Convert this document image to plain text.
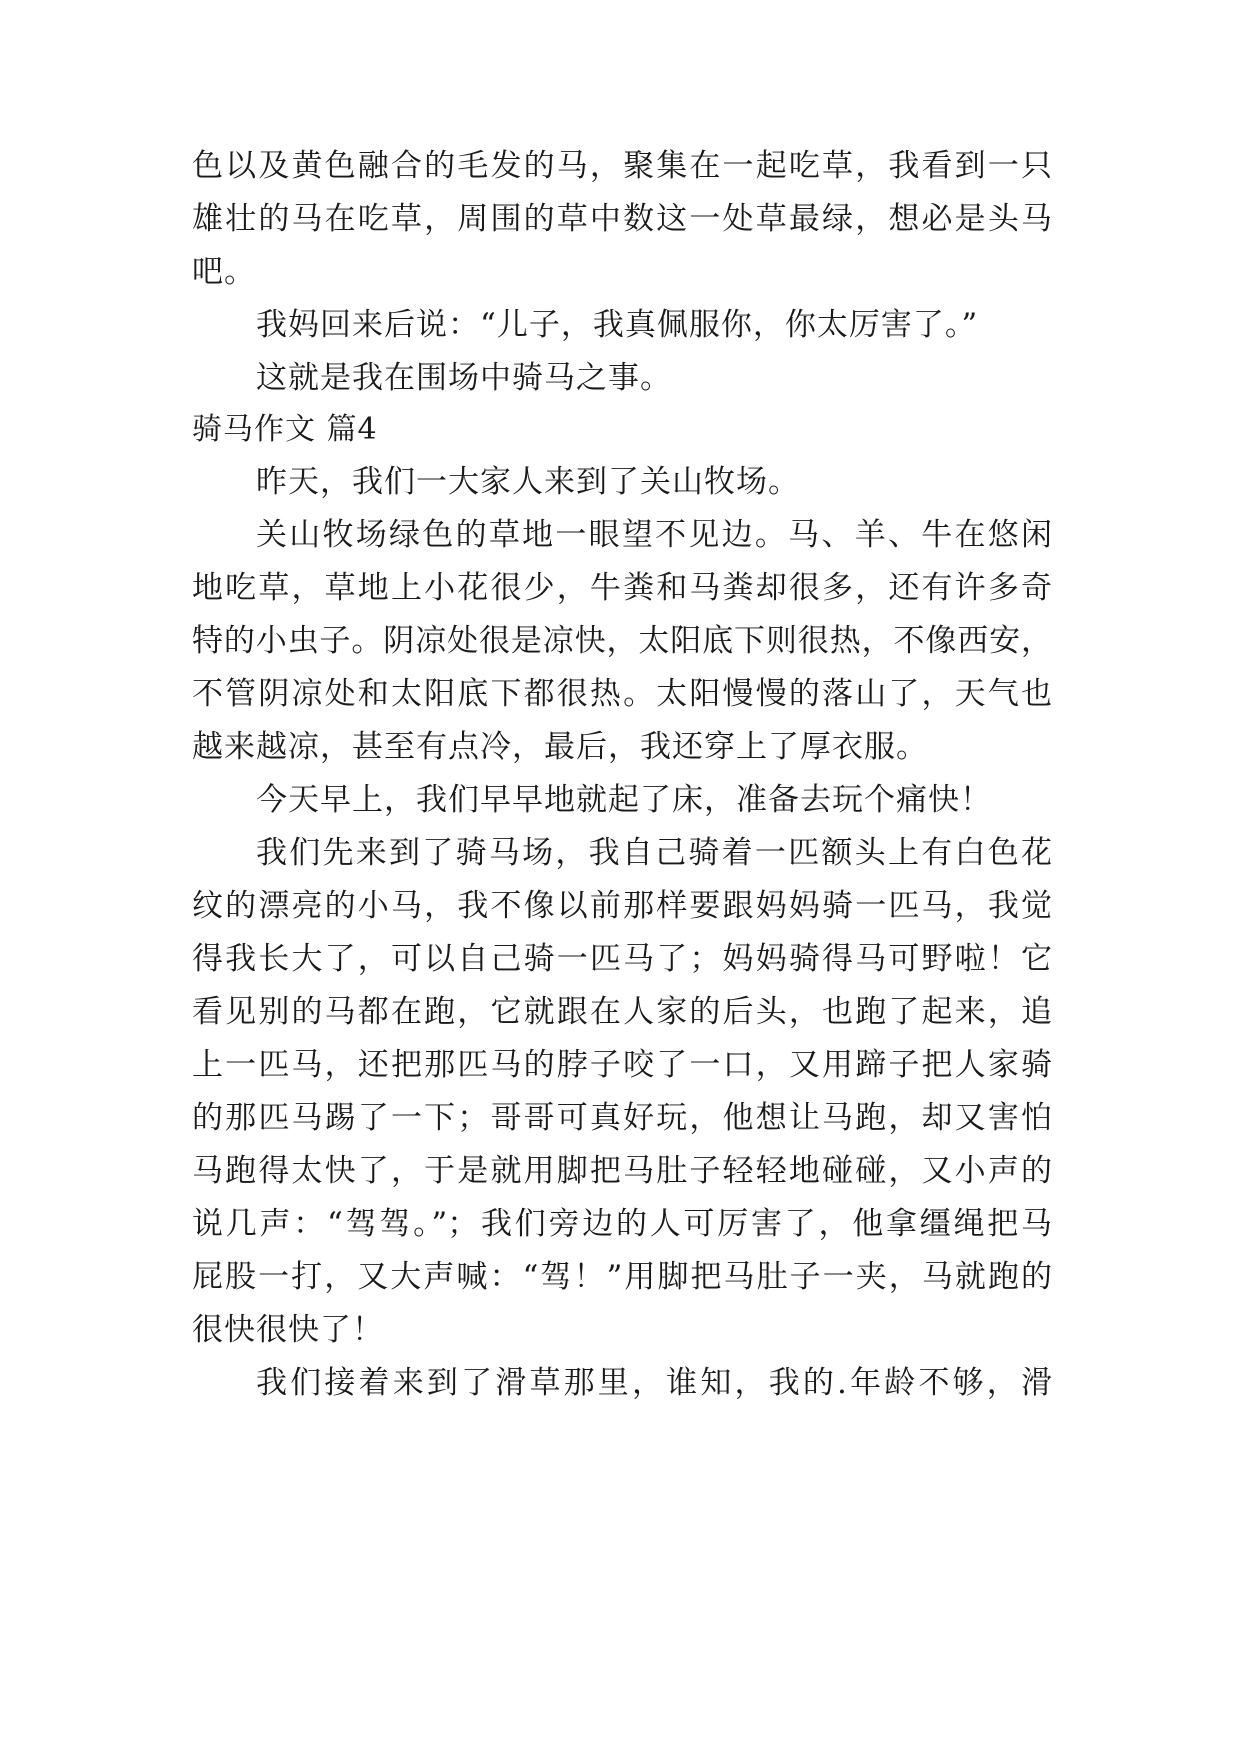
色以及黄色融合的毛发的马，聚集在一起吃草，我看到一只
雄壮的马在吃草，周围的草中数这一处草最绿，想必是头马
吧。
我妈回来后说：“儿子，我真佩服你，你太厉害了。”
这就是我在围场中骑马之事。
骑马作文 篇4
昨天，我们一大家人来到了关山牧场。
关山牧场绿色的草地一眼望不见边。马、羊、牛在悠闲
地吃草，草地上小花很少，牛粪和马粪却很多，还有许多奇
特的小虫子。阴凉处很是凉快，太阳底下则很热，不像西安，
不管阴凉处和太阳底下都很热。太阳慢慢的落山了，天气也
越来越凉，甚至有点冷，最后，我还穿上了厚衣服。
今天早上，我们早早地就起了床，准备去玩个痛快！
我们先来到了骑马场，我自己骑着一匹额头上有白色花
纹的漂亮的小马，我不像以前那样要跟妈妈骑一匹马，我觉
得我长大了，可以自己骑一匹马了；妈妈骑得马可野啦！它
看见别的马都在跑，它就跟在人家的后头，也跑了起来，追
上一匹马，还把那匹马的脖子咬了一口，又用蹄子把人家骑
的那匹马踢了一下；哥哥可真好玩，他想让马跑，却又害怕
马跑得太快了，于是就用脚把马肚子轻轻地碰碰，又小声的
说几声：“驾驾。”；我们旁边的人可厉害了，他拿缰绳把马
屁股一打，又大声喊：“驾！”用脚把马肚子一夹，马就跑的
很快很快了！
我们接着来到了滑草那里，谁知，我的.年龄不够，滑
